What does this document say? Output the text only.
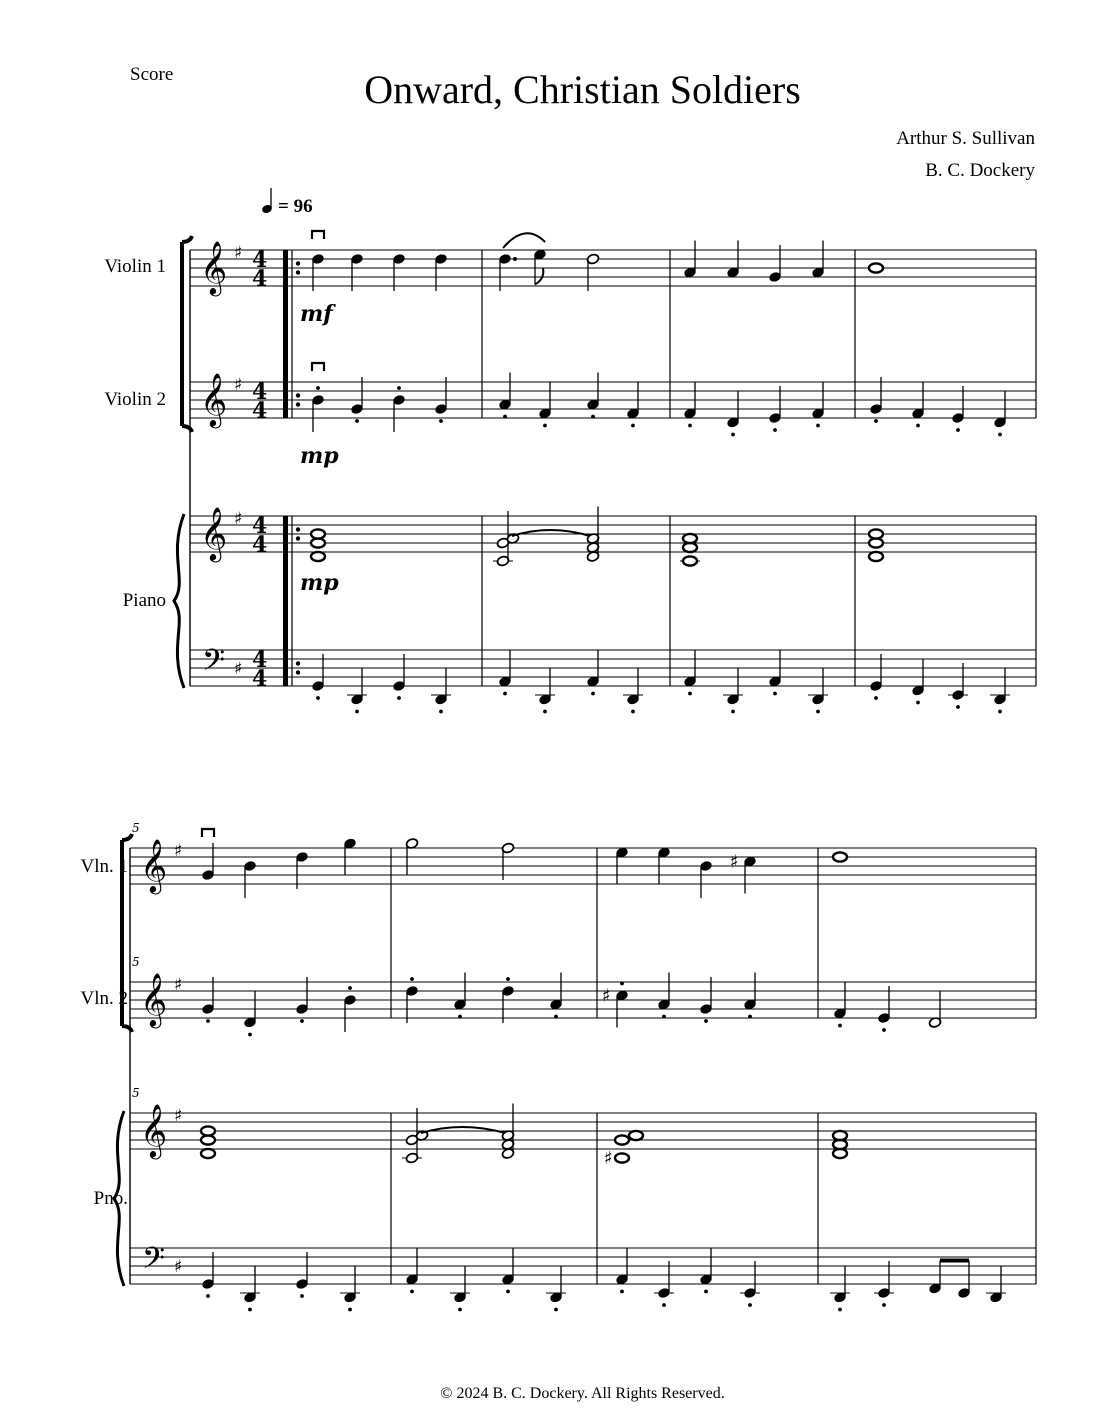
Score	Onward, Christian Soldiers
Arthur S. Sullivan
B. C. Dockery
Violin 1
Violin 2
Piano
Vln. 1
Vln. 2
Pno.
𝄞 ♯ 4
4
𝄞 ♯ 4
4
𝄞 ♯ 4
4
𝄢 ♯ 4
4
= 96
mf
mp
mp
𝄞 ♯
𝄞 ♯
𝄞 ♯
𝄢 ♯
5
5
5
♯
♯
♯
© 2024 B. C. Dockery. All Rights Reserved.
